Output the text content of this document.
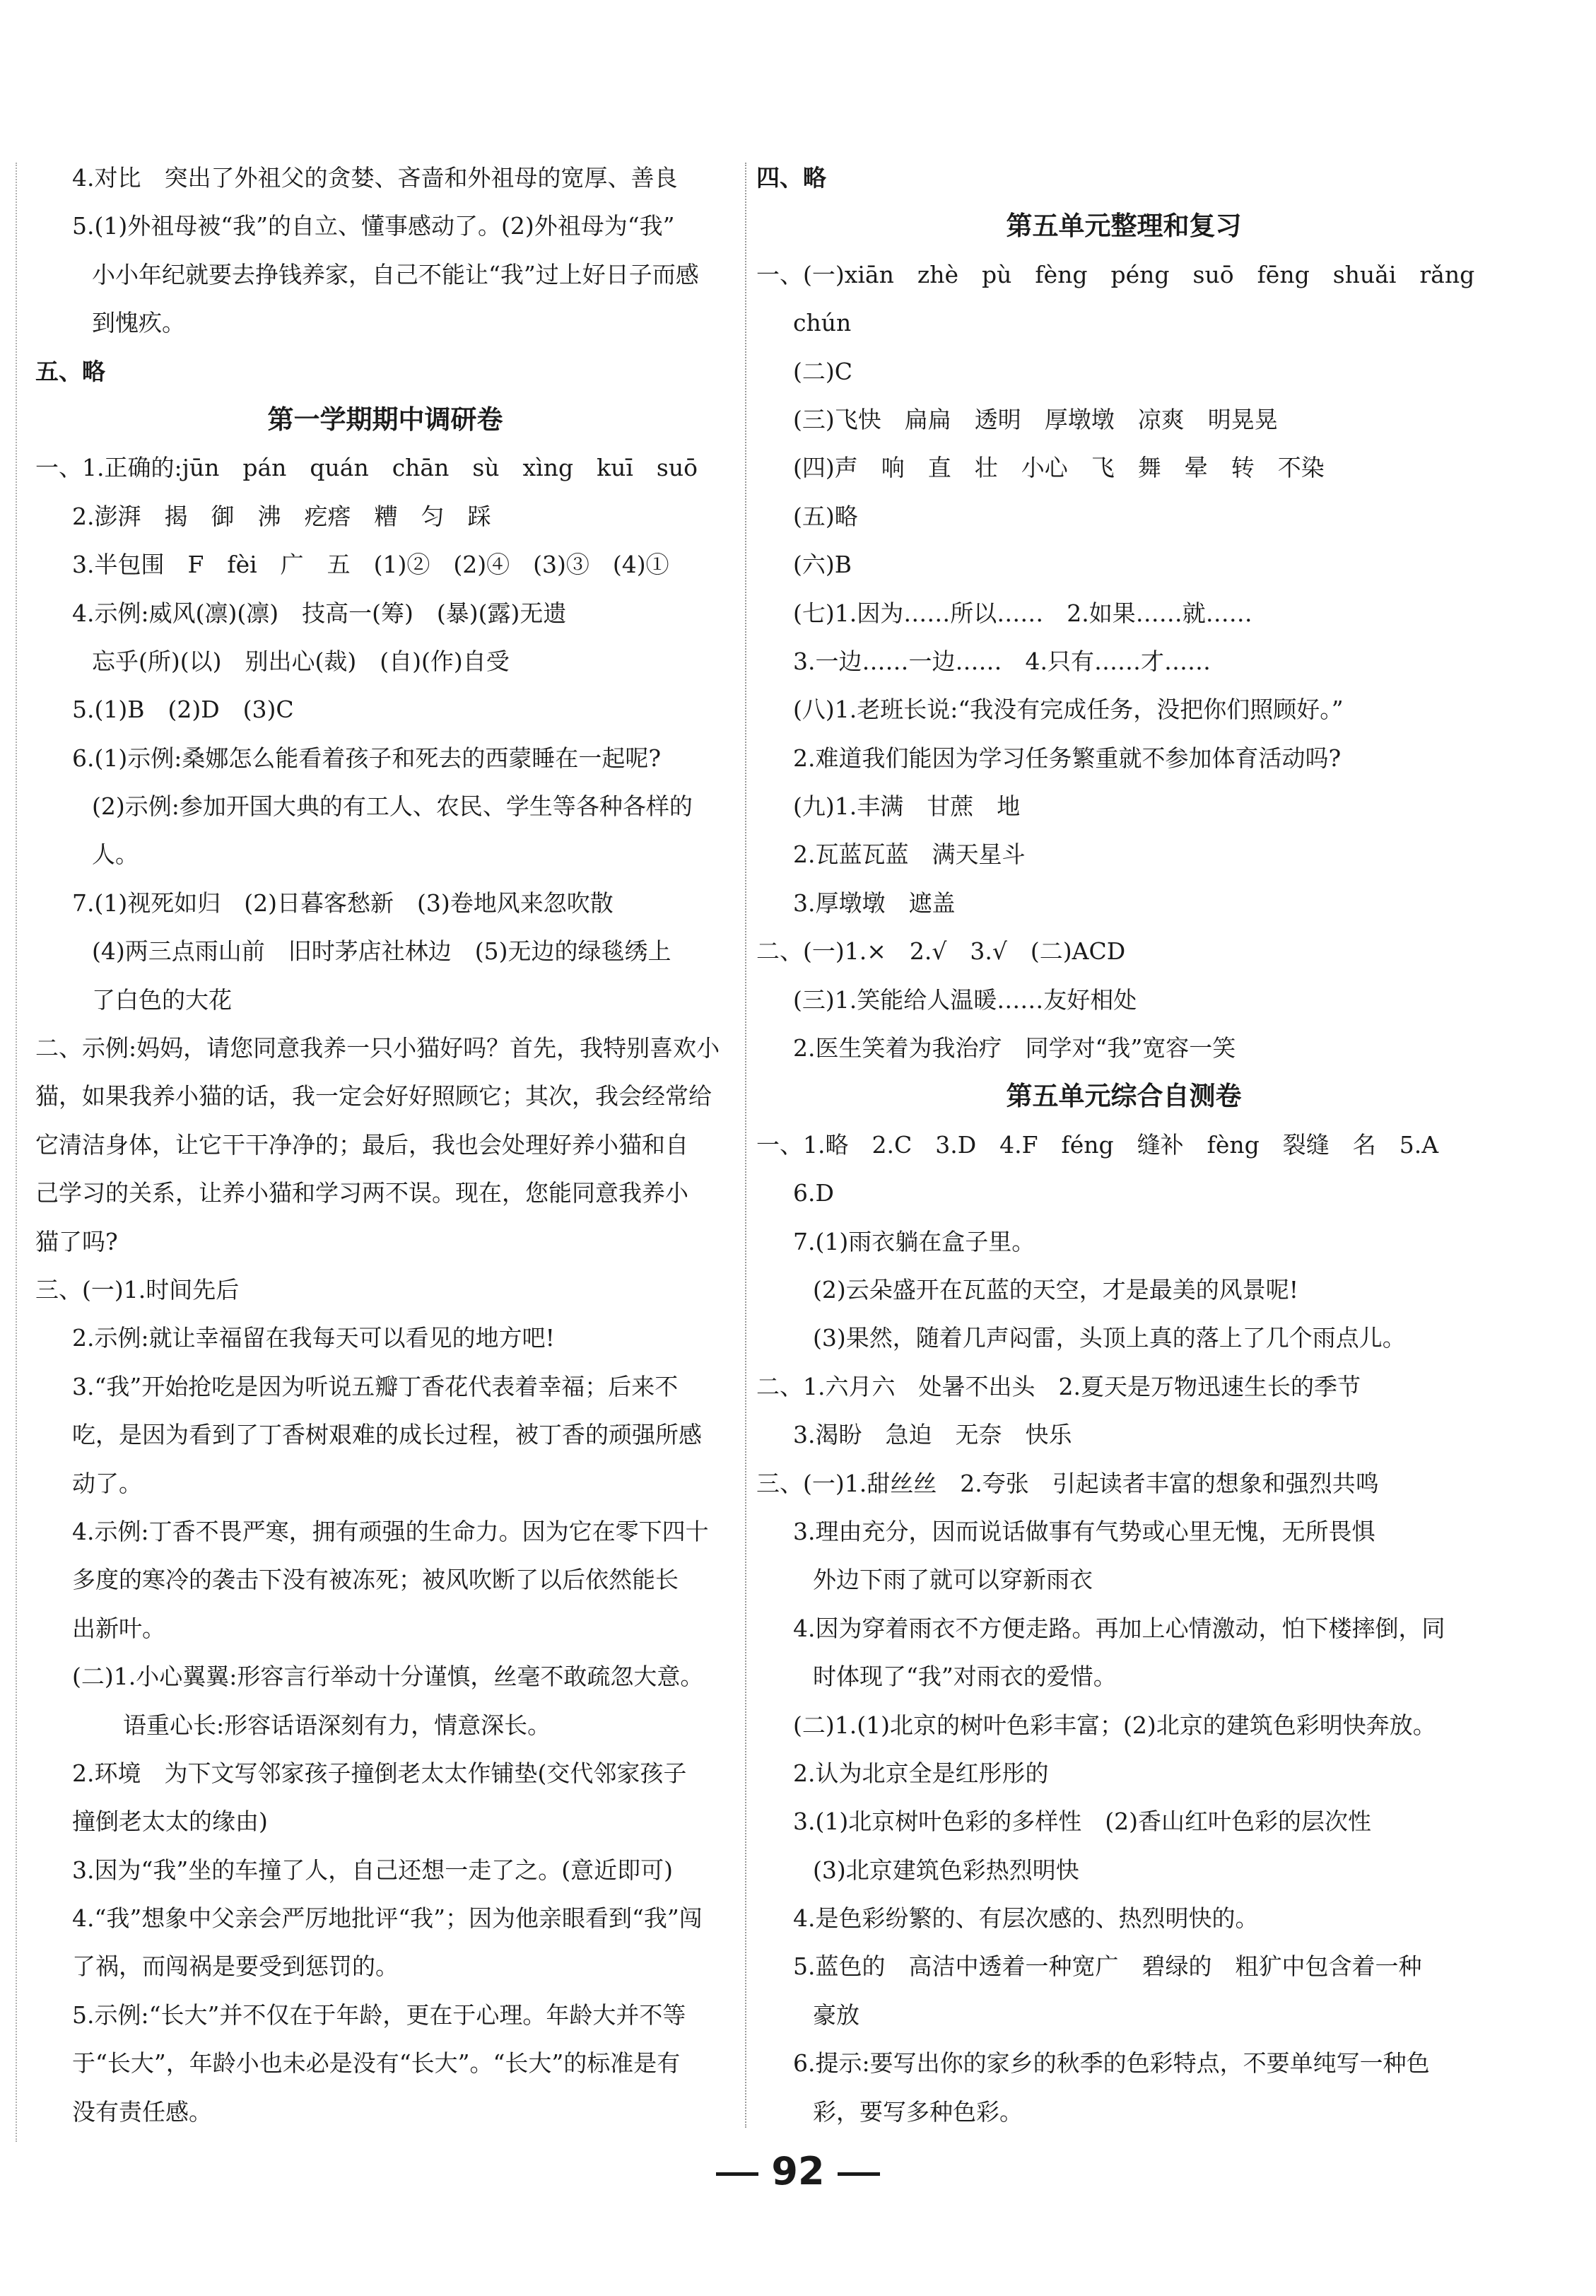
4.对比　突出了外祖父的贪婪、吝啬和外祖母的宽厚、善良
5.(1)外祖母被“我”的自立、懂事感动了。(2)外祖母为“我”
小小年纪就要去挣钱养家，自己不能让“我”过上好日子而感
到愧疚。
五、略
第一学期期中调研卷
一、1.正确的:jūn　pán　quán　chān　sù　xìng　kuī　suō
2.澎湃　揭　御　沸　疙瘩　糟　匀　踩
3.半包围　F　fèi　广　五　(1)②　(2)④　(3)③　(4)①
4.示例:威风(凛)(凛)　技高一(筹)　(暴)(露)无遗
忘乎(所)(以)　别出心(裁)　(自)(作)自受
5.(1)B　(2)D　(3)C
6.(1)示例:桑娜怎么能看着孩子和死去的西蒙睡在一起呢?
(2)示例:参加开国大典的有工人、农民、学生等各种各样的
人。
7.(1)视死如归　(2)日暮客愁新　(3)卷地风来忽吹散
(4)两三点雨山前　旧时茅店社林边　(5)无边的绿毯绣上
了白色的大花
二、示例:妈妈，请您同意我养一只小猫好吗？首先，我特别喜欢小
猫，如果我养小猫的话，我一定会好好照顾它；其次，我会经常给
它清洁身体，让它干干净净的；最后，我也会处理好养小猫和自
己学习的关系，让养小猫和学习两不误。现在，您能同意我养小
猫了吗?
三、(一)1.时间先后
2.示例:就让幸福留在我每天可以看见的地方吧!
3.“我”开始抢吃是因为听说五瓣丁香花代表着幸福；后来不
吃，是因为看到了丁香树艰难的成长过程，被丁香的顽强所感
动了。
4.示例:丁香不畏严寒，拥有顽强的生命力。因为它在零下四十
多度的寒冷的袭击下没有被冻死；被风吹断了以后依然能长
出新叶。
(二)1.小心翼翼:形容言行举动十分谨慎，丝毫不敢疏忽大意。
语重心长:形容话语深刻有力，情意深长。
2.环境　为下文写邻家孩子撞倒老太太作铺垫(交代邻家孩子
撞倒老太太的缘由)
3.因为“我”坐的车撞了人，自己还想一走了之。(意近即可)
4.“我”想象中父亲会严厉地批评“我”；因为他亲眼看到“我”闯
了祸，而闯祸是要受到惩罚的。
5.示例:“长大”并不仅在于年龄，更在于心理。年龄大并不等
于“长大”，年龄小也未必是没有“长大”。“长大”的标准是有
没有责任感。
四、略
第五单元整理和复习
一、(一)xiān　zhè　pù　fèng　péng　suō　fēng　shuǎi　rǎng
chún
(二)C
(三)飞快　扁扁　透明　厚墩墩　凉爽　明晃晃
(四)声　响　直　壮　小心　飞　舞　晕　转　不染
(五)略
(六)B
(七)1.因为……所以……　2.如果……就……
3.一边……一边……　4.只有……才……
(八)1.老班长说:“我没有完成任务，没把你们照顾好。”
2.难道我们能因为学习任务繁重就不参加体育活动吗?
(九)1.丰满　甘蔗　地
2.瓦蓝瓦蓝　满天星斗
3.厚墩墩　遮盖
二、(一)1.×　2.√　3.√　(二)ACD
(三)1.笑能给人温暖……友好相处
2.医生笑着为我治疗　同学对“我”宽容一笑
第五单元综合自测卷
一、1.略　2.C　3.D　4.F　féng　缝补　fèng　裂缝　名　5.A
6.D
7.(1)雨衣躺在盒子里。
(2)云朵盛开在瓦蓝的天空，才是最美的风景呢!
(3)果然，随着几声闷雷，头顶上真的落上了几个雨点儿。
二、1.六月六　处暑不出头　2.夏天是万物迅速生长的季节
3.渴盼　急迫　无奈　快乐
三、(一)1.甜丝丝　2.夸张　引起读者丰富的想象和强烈共鸣
3.理由充分，因而说话做事有气势或心里无愧，无所畏惧
外边下雨了就可以穿新雨衣
4.因为穿着雨衣不方便走路。再加上心情激动，怕下楼摔倒，同
时体现了“我”对雨衣的爱惜。
(二)1.(1)北京的树叶色彩丰富；(2)北京的建筑色彩明快奔放。
2.认为北京全是红彤彤的
3.(1)北京树叶色彩的多样性　(2)香山红叶色彩的层次性
(3)北京建筑色彩热烈明快
4.是色彩纷繁的、有层次感的、热烈明快的。
5.蓝色的　高洁中透着一种宽广　碧绿的　粗犷中包含着一种
豪放
6.提示:要写出你的家乡的秋季的色彩特点，不要单纯写一种色
彩，要写多种色彩。
92
